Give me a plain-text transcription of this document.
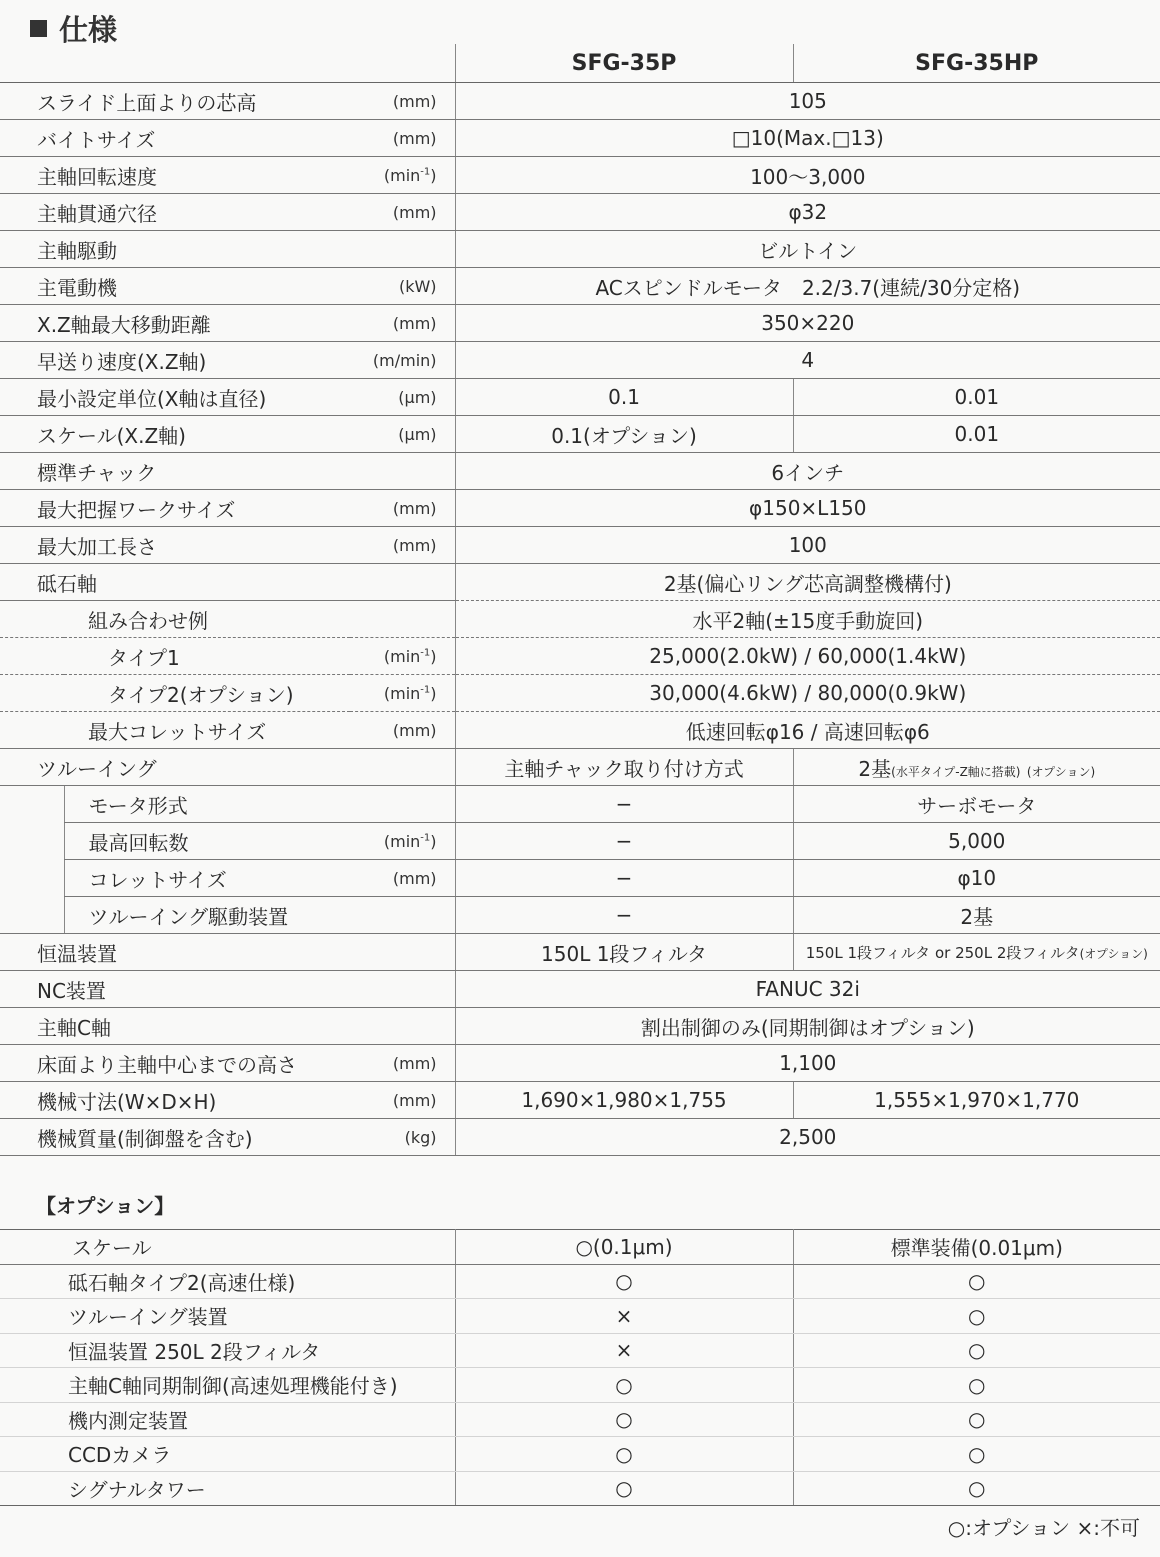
仕様
			SFG-35P	SFG-35HP
スライド上面よりの芯高		(mm)	105	
バイトサイズ		(mm)	□10(Max.□13)	
主軸回転速度		$(\min^{-1})$	100〜3,000	
主軸貫通穴径		(mm)	φ32	
主軸駆動			ビルトイン	
主電動機		(kW)	ACスピンドルモータ　2.2/3.7(連続/30分定格)	
X.Z軸最大移動距離		(mm)	350×220	
早送り速度(X.Z軸)		(m/min)	4	
最小設定単位(X軸は直径)		(μm)	0.1	0.01
スケール(X.Z軸)		(μm)	0.1(オプション)	0.01
標準チャック			6インチ	
最大把握ワークサイズ		(mm)	φ150×L150	
最大加工長さ		(mm)	100	
砥石軸			2基(偏心リング芯高調整機構付)	
組み合わせ例			水平2軸(±15度手動旋回)	
タイプ1		$(\min^{-1})$	25,000(2.0kW) / 60,000(1.4kW)	
タイプ2(オプション)		$(\min^{-1})$	30,000(4.6kW) / 80,000(0.9kW)	
最大コレットサイズ		(mm)	低速回転φ16 / 高速回転φ6	
ツルーイング			主軸チャック取り付け方式	2基(水平タイプ-Z軸に搭載) (オプション)
	モータ形式		−	サーボモータ
	最高回転数	$(\min^{-1})$	−	5,000
	コレットサイズ	(mm)	−	φ10
	ツルーイング駆動装置		−	2基
恒温装置			150L 1段フィルタ	150L 1段フィルタ or 250L 2段フィルタ(オプション)
NC装置			FANUC 32i	
主軸C軸			割出制御のみ(同期制御はオプション)	
床面より主軸中心までの高さ		(mm)	1,100	
機械寸法(W×D×H)		(mm)	1,690×1,980×1,755	1,555×1,970×1,770
機械質量(制御盤を含む)		(kg)	2,500	
【オプション】
スケール	○(0.1μm)	標準装備(0.01μm)
砥石軸タイプ2(高速仕様)	○	○
ツルーイング装置	×	○
恒温装置 250L 2段フィルタ	×	○
主軸C軸同期制御(高速処理機能付き)	○	○
機内測定装置	○	○
CCDカメラ	○	○
シグナルタワー	○	○
○:オプション ×:不可
